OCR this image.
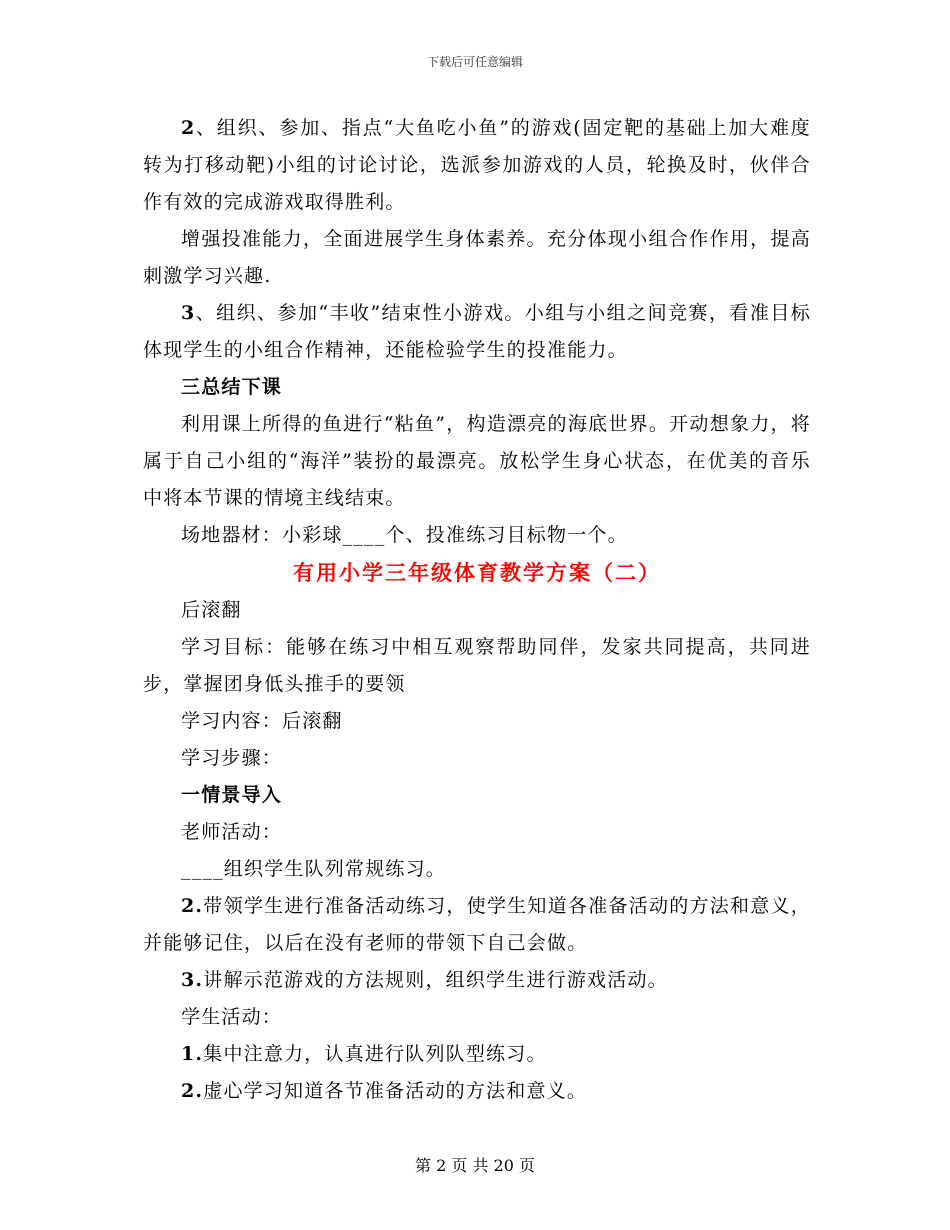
下载后可任意编辑

2、组织、参加、指点“大鱼吃小鱼”的游戏(固定靶的基础上加大难度转为打移动靶)小组的讨论讨论，选派参加游戏的人员，轮换及时，伙伴合作有效的完成游戏取得胜利。

增强投准能力，全面进展学生身体素养。充分体现小组合作作用，提高刺激学习兴趣.

3、组织、参加“丰收”结束性小游戏。小组与小组之间竞赛，看准目标体现学生的小组合作精神，还能检验学生的投准能力。

三总结下课

利用课上所得的鱼进行“粘鱼”，构造漂亮的海底世界。开动想象力，将属于自己小组的“海洋”装扮的最漂亮。放松学生身心状态，在优美的音乐中将本节课的情境主线结束。

场地器材：小彩球____个、投准练习目标物一个。

有用小学三年级体育教学方案（二）

后滚翻

学习目标：能够在练习中相互观察帮助同伴，发家共同提高，共同进步，掌握团身低头推手的要领

学习内容：后滚翻

学习步骤：

一情景导入

老师活动：

____组织学生队列常规练习。

2.带领学生进行准备活动练习，使学生知道各准备活动的方法和意义，并能够记住，以后在没有老师的带领下自己会做。

3.讲解示范游戏的方法规则，组织学生进行游戏活动。

学生活动：

1.集中注意力，认真进行队列队型练习。

2.虚心学习知道各节准备活动的方法和意义。

第 2 页 共 20 页
